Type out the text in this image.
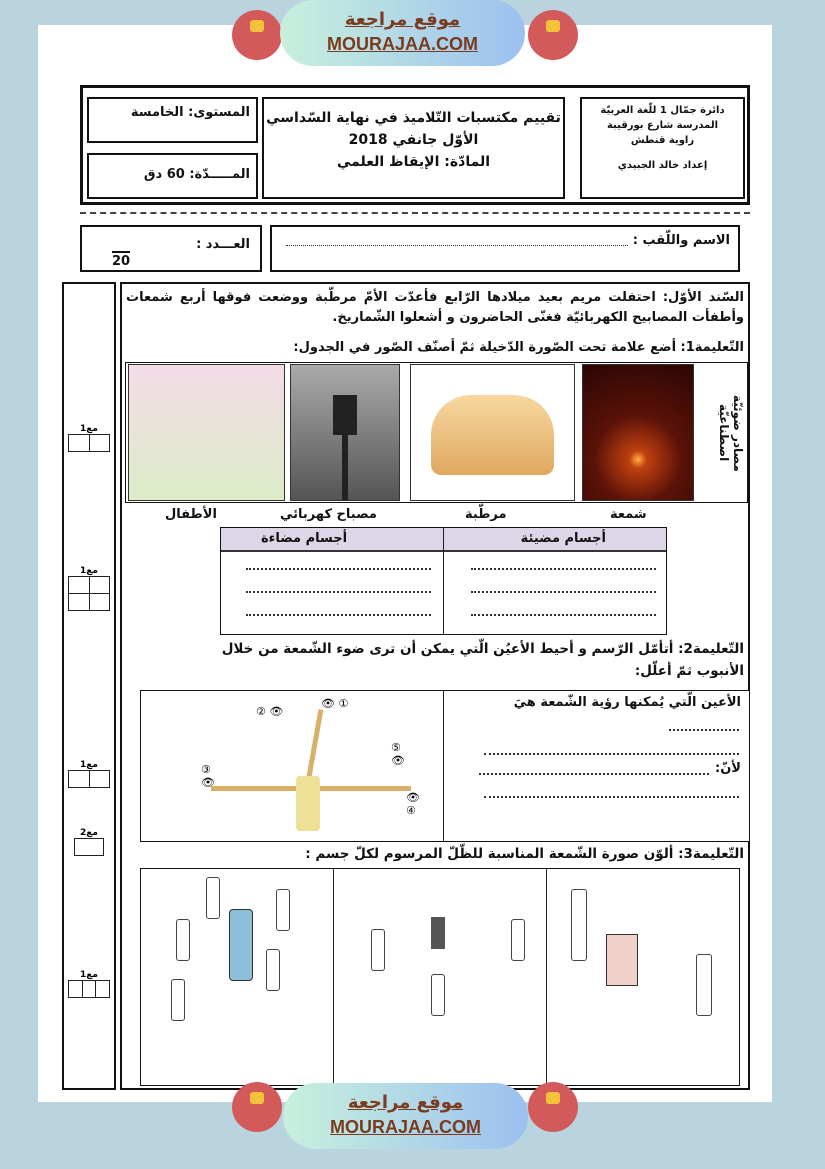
موقع مراجعة
MOURAJAA.COM
المستوى: الخامسة
المـــــدّة: 60 دق
تقييم مكتسبات التّلاميذ في نهاية السّداسي
الأوّل جانفي 2018
المادّة: الإيقاظ العلمي
دائرة جمّال 1 للّغة العربيّة
المدرسة شارع بورقيبة
زاوية قنطش
إعداد خالد الجبيدي
العـــدد :
20
الاسم واللّقب :
مع1
مع1
مع1
مع2
مع1
السّند الأوّل: احتفلت مريم بعيد ميلادها الرّابع فأعدّت الأمّ مرطّبة ووضعت فوقها أربع شمعات وأطفأت المصابيح الكهربائيّة فغنّى الحاضرون و أشعلوا الشّماريخ.
التّعليمة1: أضع علامة تحت الصّورة الدّخيلة ثمّ أصنّف الصّور في الجدول:
مصادر ضوئيّة اصطناعيّة
شمعة
مرطّبة
مصباح كهربائي
الأطفال
أجسام مضيئة
أجسام مضاءة
التّعليمة2: أتأمّل الرّسم و أحيط الأعيُن الّتي يمكن أن ترى ضوء الشّمعة من خلال الأنبوب ثمّ أعلّل:
👁 ①
② 👁
③
👁
👁
④
⑤
👁
الأعين الّتي يُمكنها رؤية الشّمعة هيَ
لأنّ:
التّعليمة3: ألوّن صورة الشّمعة المناسبة للظّلّ المرسوم لكلّ جسم :
موقع مراجعة
MOURAJAA.COM
